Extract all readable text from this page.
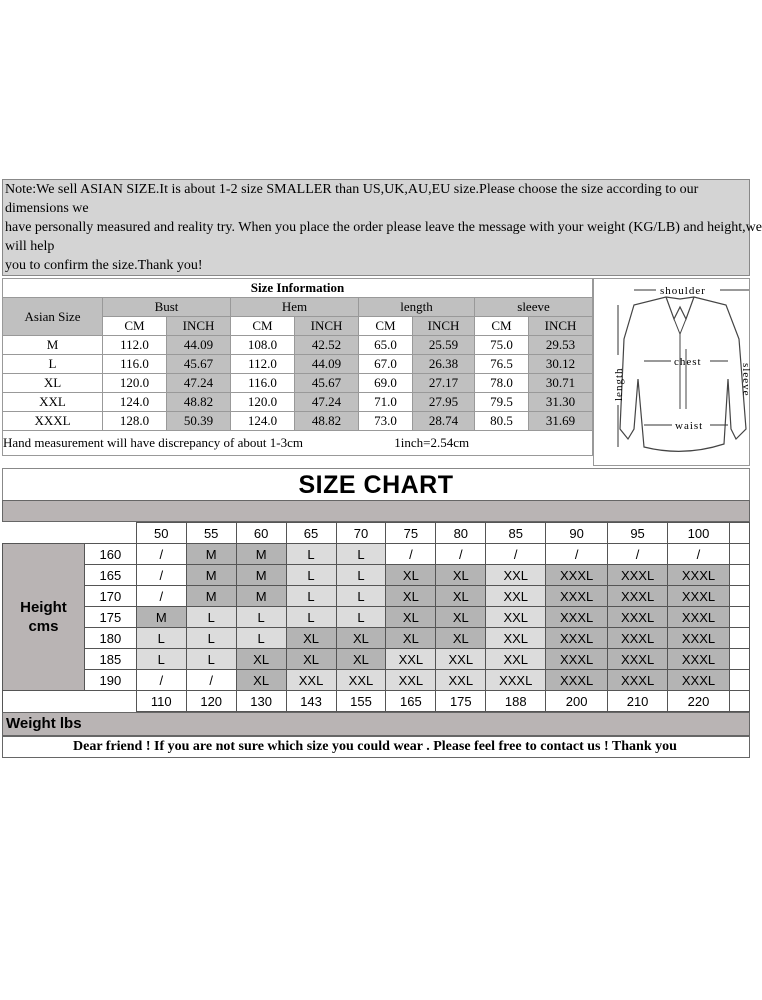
Note:We sell ASIAN SIZE.It is about 1-2 size SMALLER than US,UK,AU,EU size.Please choose the size according to our
dimensions we
have personally measured and reality try. When you place the order please leave the message with your weight (KG/LB) and height,we
will help
you to confirm the size.Thank you!
Size Information								
Asian Size	Bust		Hem		length		sleeve	
	CM	INCH	CM	INCH	CM	INCH	CM	INCH
M	112.0	44.09	108.0	42.52	65.0	25.59	75.0	29.53
L	116.0	45.67	112.0	44.09	67.0	26.38	76.5	30.12
XL	120.0	47.24	116.0	45.67	69.0	27.17	78.0	30.71
XXL	124.0	48.82	120.0	47.24	71.0	27.95	79.5	31.30
XXXL	128.0	50.39	124.0	48.82	73.0	28.74	80.5	31.69
Hand measurement will have discrepancy of about 1-3cm 1inch=2.54cm								
shoulder
chest
waist
length	sleeve
SIZE CHART
		50	55	60	65	70	75	80	85	90	95	100	

Height
cms	160	/	M	M	L	L	/	/	/	/	/	/	
	165	/	M	M	L	L	XL	XL	XXL	XXXL	XXXL	XXXL	
	170	/	M	M	L	L	XL	XL	XXL	XXXL	XXXL	XXXL	
	175	M	L	L	L	L	XL	XL	XXL	XXXL	XXXL	XXXL	
	180	L	L	L	XL	XL	XL	XL	XXL	XXXL	XXXL	XXXL	
	185	L	L	XL	XL	XL	XXL	XXL	XXL	XXXL	XXXL	XXXL	
	190	/	/	XL	XXL	XXL	XXL	XXL	XXXL	XXXL	XXXL	XXXL	
		110	120	130	143	155	165	175	188	200	210	220	
Weight lbs
Dear friend ! If you are not sure which size you could wear . Please feel free to contact us ! Thank you
